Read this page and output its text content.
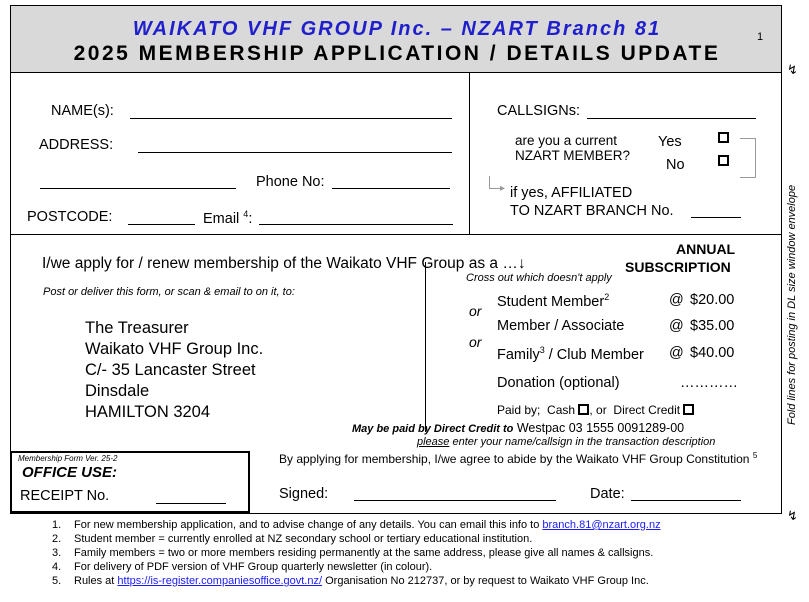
WAIKATO VHF GROUP Inc. – NZART Branch 81
2025 MEMBERSHIP APPLICATION / DETAILS UPDATE
1
↯
↯
Fold lines for posting in DL size window envelope
NAME(s):
ADDRESS:
Phone No:
POSTCODE:	Email $^4$:
CALLSIGNs:
are you a current
NZART MEMBER?
Yes
No
▸ if yes, AFFILIATED
TO NZART BRANCH No.
I/we apply for / renew membership of the Waikato VHF Group as a …↓
ANNUAL
SUBSCRIPTION
Cross out which doesn't apply
Post or deliver this form, or scan & email to on it, to:
The Treasurer
Waikato VHF Group Inc.
C/- 35 Lancaster Street
Dinsdale
HAMILTON 3204
or
or
Student Member$^2$	@ $20.00
Member / Associate	@ $35.00
Family$^3$ / Club Member @ $40.00
Donation (optional)	…………
Paid by; Cash , or Direct Credit
May be paid by Direct Credit to Westpac 03 1555 0091289-00
please enter your name/callsign in the transaction description
By applying for membership, I/we agree to abide by the Waikato VHF Group Constitution $^5$
Signed:	Date:
Membership Form Ver. 25-2
OFFICE USE:
RECEIPT No.
1. For new membership application, and to advise change of any details. You can email this info to branch.81@nzart.org.nz
2. Student member = currently enrolled at NZ secondary school or tertiary educational institution.
3. Family members = two or more members residing permanently at the same address, please give all names & callsigns.
4. For delivery of PDF version of VHF Group quarterly newsletter (in colour).
5. Rules at https://is-register.companiesoffice.govt.nz/ Organisation No 212737, or by request to Waikato VHF Group Inc.
